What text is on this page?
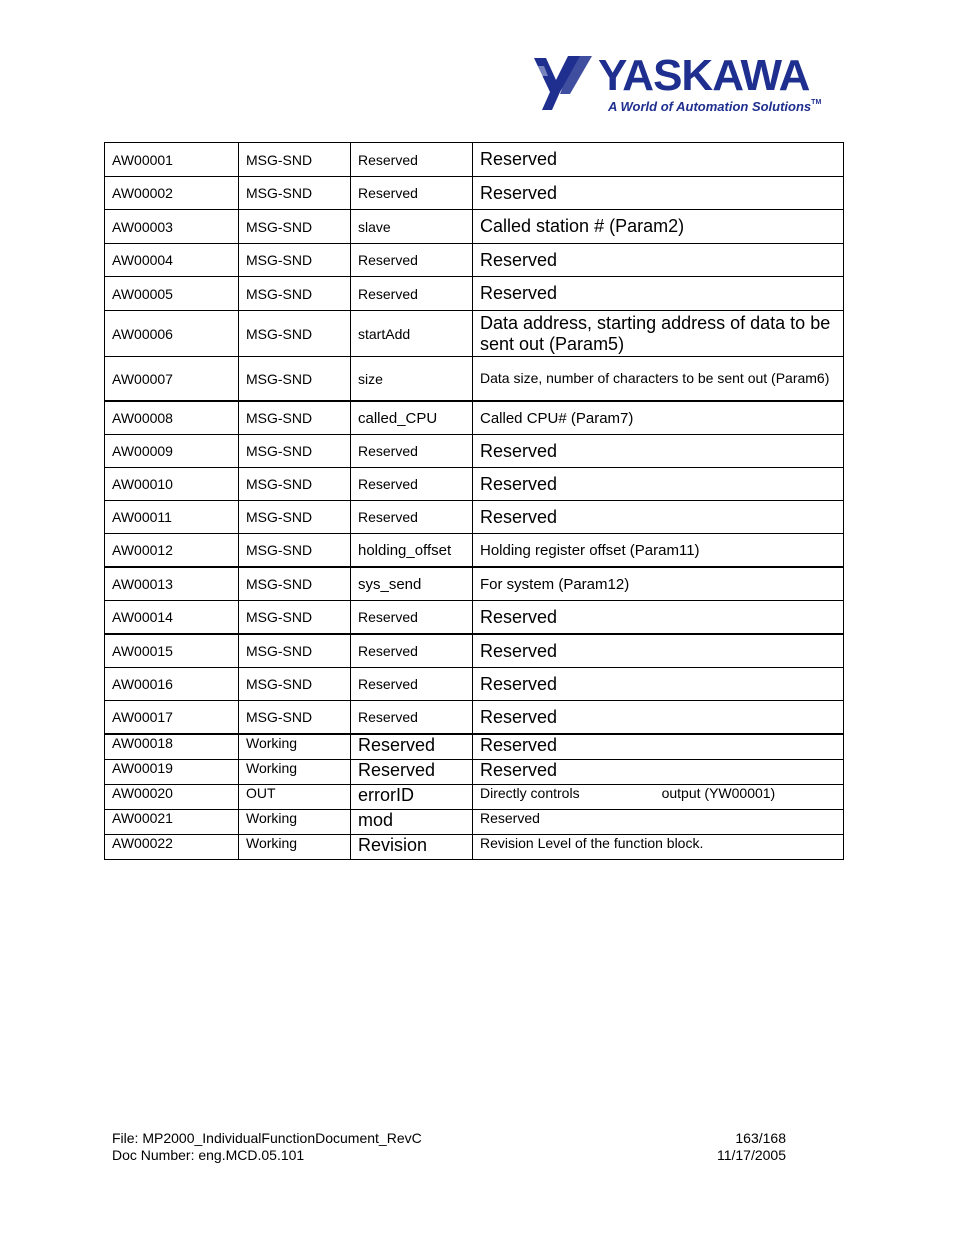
YASKAWA
A World of Automation Solutions™
AW00001	MSG-SND	Reserved	Reserved
AW00002	MSG-SND	Reserved	Reserved
AW00003	MSG-SND	slave	Called station # (Param2)
AW00004	MSG-SND	Reserved	Reserved
AW00005	MSG-SND	Reserved	Reserved
AW00006	MSG-SND	startAdd	Data address, starting address of data to be sent out (Param5)
AW00007	MSG-SND	size	Data size, number of characters to be sent out (Param6)
AW00008	MSG-SND	called_CPU	Called CPU# (Param7)
AW00009	MSG-SND	Reserved	Reserved
AW00010	MSG-SND	Reserved	Reserved
AW00011	MSG-SND	Reserved	Reserved
AW00012	MSG-SND	holding_offset	Holding register offset (Param11)
AW00013	MSG-SND	sys_send	For system (Param12)
AW00014	MSG-SND	Reserved	Reserved
AW00015	MSG-SND	Reserved	Reserved
AW00016	MSG-SND	Reserved	Reserved
AW00017	MSG-SND	Reserved	Reserved
AW00018	Working	Reserved	Reserved
AW00019	Working	Reserved	Reserved
AW00020	OUT	errorID	Directly controls output (YW00001)
AW00021	Working	mod	Reserved
AW00022	Working	Revision	Revision Level of the function block.
File: MP2000_IndividualFunctionDocument_RevC
Doc Number: eng.MCD.05.101
163/168
11/17/2005
